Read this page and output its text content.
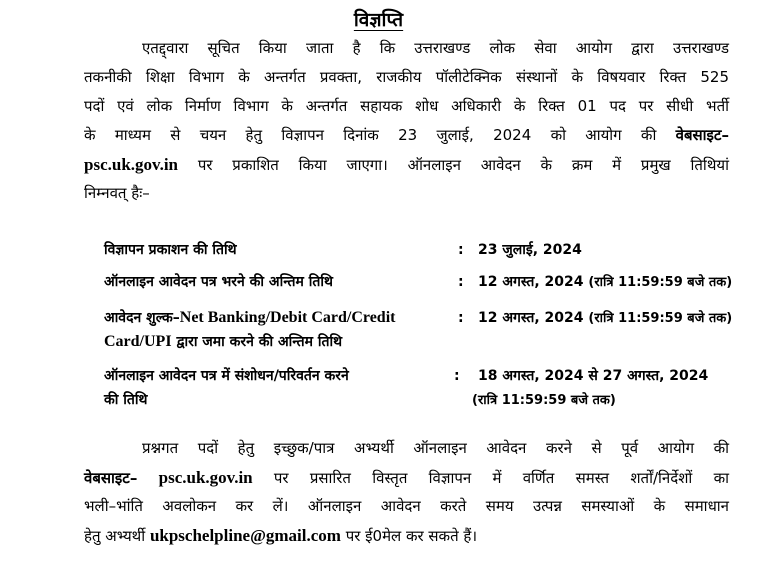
विज्ञप्ति
एतद्द्वारा सूचित किया जाता है कि उत्तराखण्ड लोक सेवा आयोग द्वारा उत्तराखण्ड
तकनीकी शिक्षा विभाग के अन्तर्गत प्रवक्ता, राजकीय पॉलीटेक्निक संस्थानों के विषयवार रिक्त 525
पदों एवं लोक निर्माण विभाग के अन्तर्गत सहायक शोध अधिकारी के रिक्त 01 पद पर सीधी भर्ती
के माध्यम से चयन हेतु विज्ञापन दिनांक 23 जुलाई, 2024 को आयोग की वेबसाइट–
psc.uk.gov.in पर प्रकाशित किया जाएगा। ऑनलाइन आवेदन के क्रम में प्रमुख तिथियां
निम्नवत् हैः–
विज्ञापन प्रकाशन की तिथि	: 23 जुलाई, 2024
ऑनलाइन आवेदन पत्र भरने की अन्तिम तिथि	: 12 अगस्त, 2024 (रात्रि 11:59:59 बजे तक)
आवेदन शुल्क–Net Banking/Debit Card/Credit
Card/UPI द्वारा जमा करने की अन्तिम तिथि
: 12 अगस्त, 2024 (रात्रि 11:59:59 बजे तक)
ऑनलाइन आवेदन पत्र में संशोधन/परिवर्तन करने
की तिथि
: 18 अगस्त, 2024 से 27 अगस्त, 2024
(रात्रि 11:59:59 बजे तक)
प्रश्नगत पदों हेतु इच्छुक/पात्र अभ्यर्थी ऑनलाइन आवेदन करने से पूर्व आयोग की
वेबसाइट– psc.uk.gov.in पर प्रसारित विस्तृत विज्ञापन में वर्णित समस्त शर्तों/निर्देशों का
भली–भांति अवलोकन कर लें। ऑनलाइन आवेदन करते समय उत्पन्न समस्याओं के समाधान
हेतु अभ्यर्थी ukpschelpline@gmail.com पर ई0मेल कर सकते हैं।
